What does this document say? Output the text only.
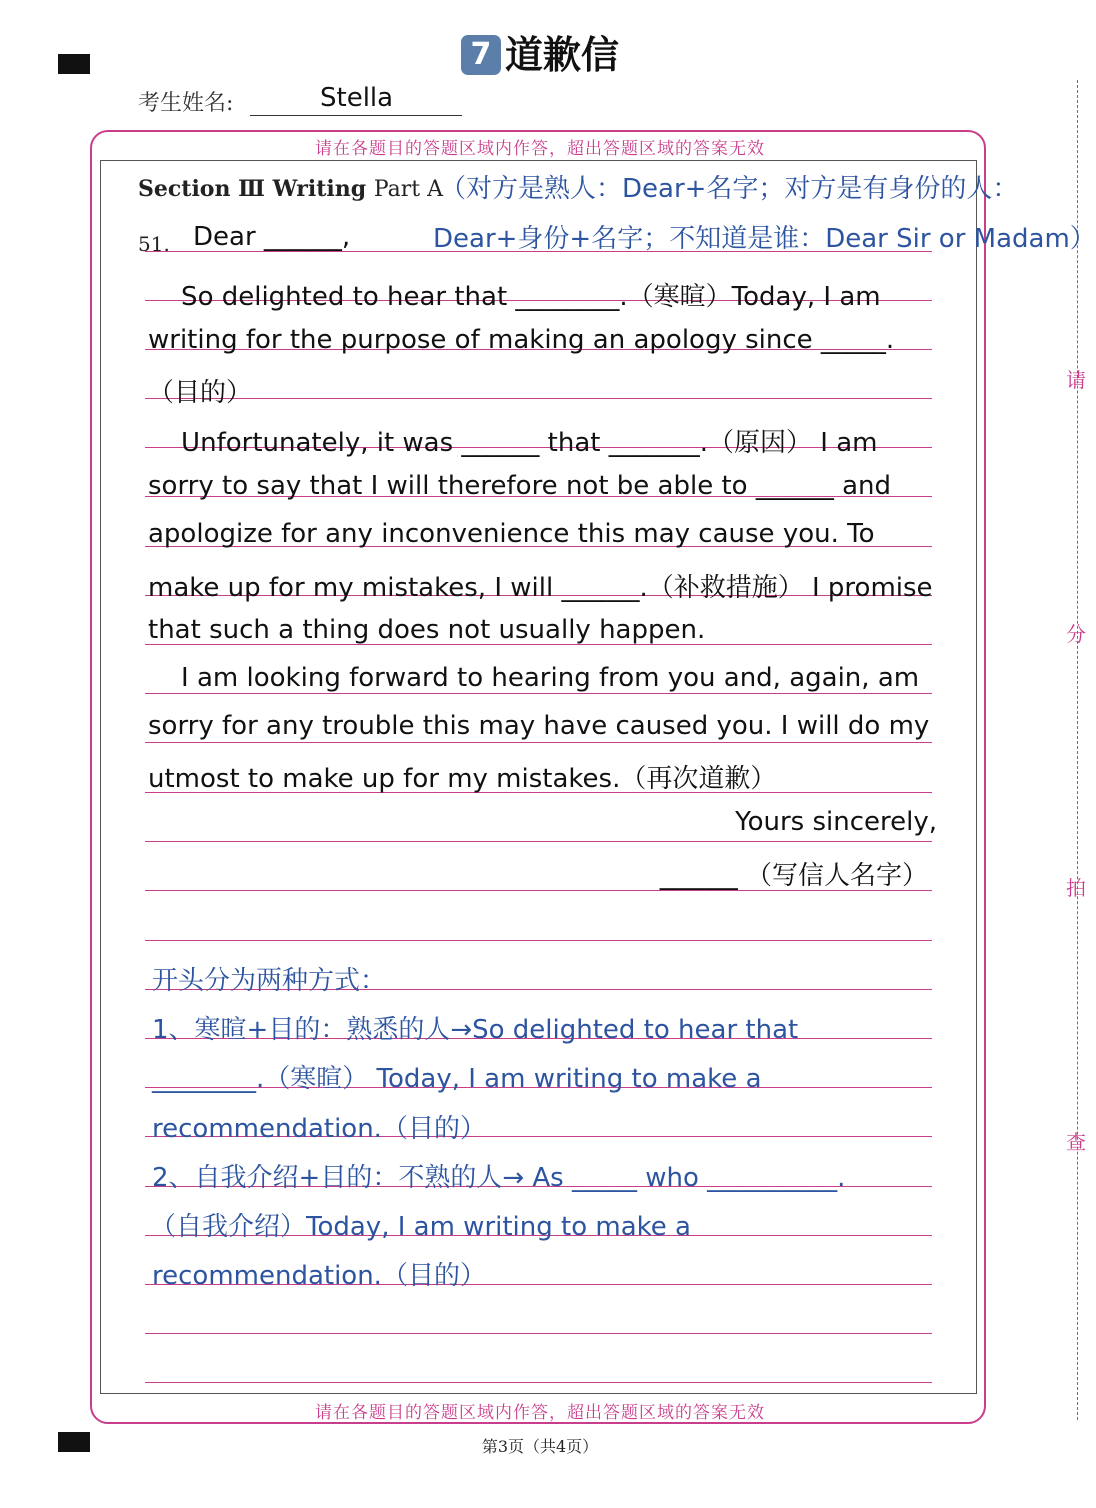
7 道歉信
考生姓名:	Stella
请在各题目的答题区域内作答，超出答题区域的答案无效
请在各题目的答题区域内作答，超出答题区域的答案无效
Section Ⅲ Writing Part A
（对方是熟人：Dear+名字；对方是有身份的人：
51. Dear ______,	Dear+身份+名字；不知道是谁：Dear Sir or Madam）
So delighted to hear that ________.（寒暄）Today, I am
writing for the purpose of making an apology since _____.
（目的）
Unfortunately, it was ______ that _______.（原因） I am
sorry to say that I will therefore not be able to ______ and
apologize for any inconvenience this may cause you. To
make up for my mistakes, I will ______.（补救措施） I promise
that such a thing does not usually happen.
I am looking forward to hearing from you and, again, am
sorry for any trouble this may have caused you. I will do my
utmost to make up for my mistakes.（再次道歉）
Yours sincerely,
______ （写信人名字）
开头分为两种方式：
1、寒暄+目的：熟悉的人→So delighted to hear that
________.（寒暄） Today, I am writing to make a
recommendation.（目的）
2、自我介绍+目的：不熟的人→ As _____ who __________.
（自我介绍）Today, I am writing to make a
recommendation.（目的）
请
分
拍
查
第3页（共4页）
